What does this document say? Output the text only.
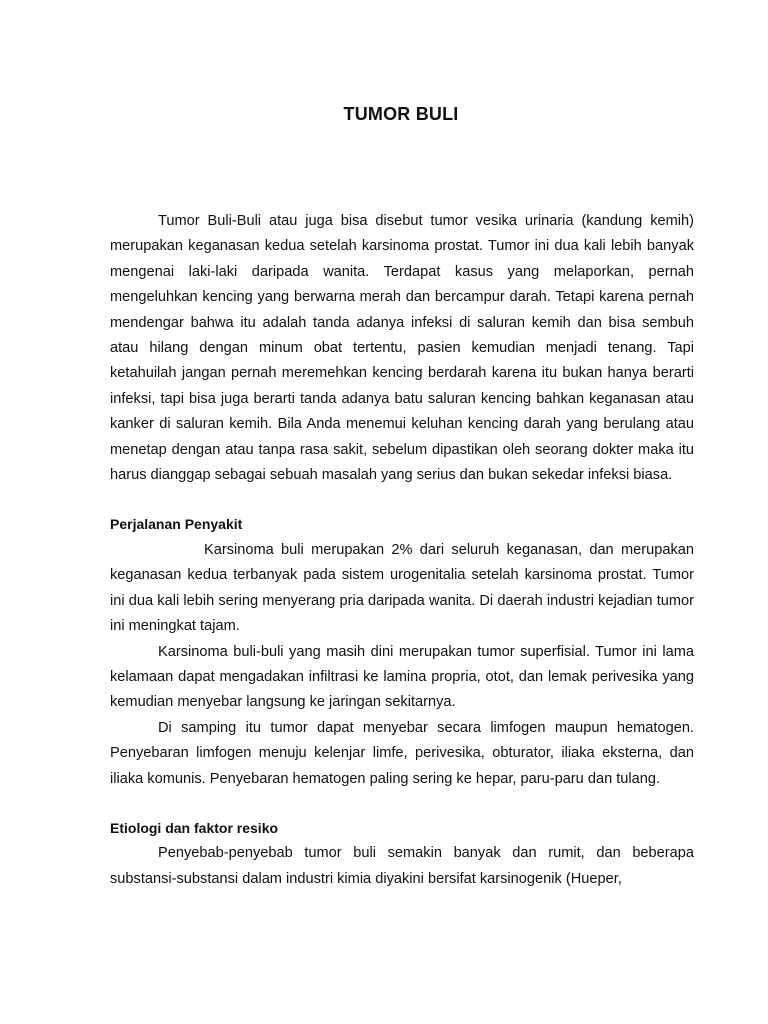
TUMOR BULI

Tumor Buli-Buli atau juga bisa disebut tumor vesika urinaria (kandung kemih) merupakan keganasan kedua setelah karsinoma prostat. Tumor ini dua kali lebih banyak mengenai laki-laki daripada wanita. Terdapat kasus yang melaporkan, pernah mengeluhkan kencing yang berwarna merah dan bercampur darah. Tetapi karena pernah mendengar bahwa itu adalah tanda adanya infeksi di saluran kemih dan bisa sembuh atau hilang dengan minum obat tertentu, pasien kemudian menjadi tenang. Tapi ketahuilah jangan pernah meremehkan kencing berdarah karena itu bukan hanya berarti infeksi, tapi bisa juga berarti tanda adanya batu saluran kencing bahkan keganasan atau kanker di saluran kemih. Bila Anda menemui keluhan kencing darah yang berulang atau menetap dengan atau tanpa rasa sakit, sebelum dipastikan oleh seorang dokter maka itu harus dianggap sebagai sebuah masalah yang serius dan bukan sekedar infeksi biasa.

Perjalanan Penyakit

Karsinoma buli merupakan 2% dari seluruh keganasan, dan merupakan keganasan kedua terbanyak pada sistem urogenitalia setelah karsinoma prostat. Tumor ini dua kali lebih sering menyerang pria daripada wanita. Di daerah industri kejadian tumor ini meningkat tajam.

Karsinoma buli-buli yang masih dini merupakan tumor superfisial. Tumor ini lama kelamaan dapat mengadakan infiltrasi ke lamina propria, otot, dan lemak perivesika yang kemudian menyebar langsung ke jaringan sekitarnya.

Di samping itu tumor dapat menyebar secara limfogen maupun hematogen. Penyebaran limfogen menuju kelenjar limfe, perivesika, obturator, iliaka eksterna, dan iliaka komunis. Penyebaran hematogen paling sering ke hepar, paru-paru dan tulang.

Etiologi dan faktor resiko

Penyebab-penyebab tumor buli semakin banyak dan rumit, dan beberapa substansi-substansi dalam industri kimia diyakini bersifat karsinogenik (Hueper,
